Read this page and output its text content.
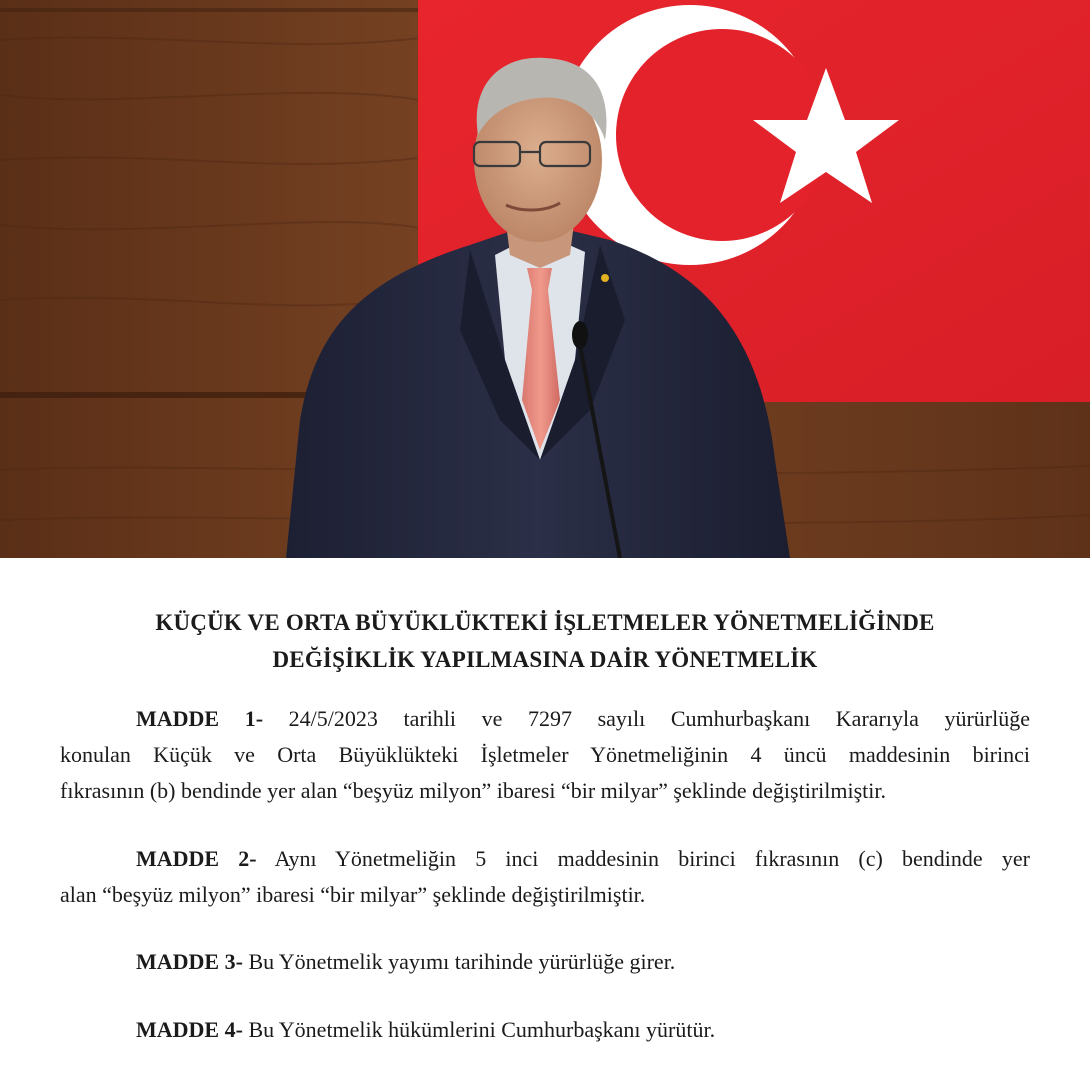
KÜÇÜK VE ORTA BÜYÜKLÜKTEKİ İŞLETMELER YÖNETMELİĞİNDE
DEĞİŞİKLİK YAPILMASINA DAİR YÖNETMELİK
MADDE 1- 24/5/2023 tarihli ve 7297 sayılı Cumhurbaşkanı Kararıyla yürürlüğe
konulan Küçük ve Orta Büyüklükteki İşletmeler Yönetmeliğinin 4 üncü maddesinin birinci
fıkrasının (b) bendinde yer alan “beşyüz milyon” ibaresi “bir milyar” şeklinde değiştirilmiştir.
MADDE 2- Aynı Yönetmeliğin 5 inci maddesinin birinci fıkrasının (c) bendinde yer
alan “beşyüz milyon” ibaresi “bir milyar” şeklinde değiştirilmiştir.
MADDE 3- Bu Yönetmelik yayımı tarihinde yürürlüğe girer.
MADDE 4- Bu Yönetmelik hükümlerini Cumhurbaşkanı yürütür.
